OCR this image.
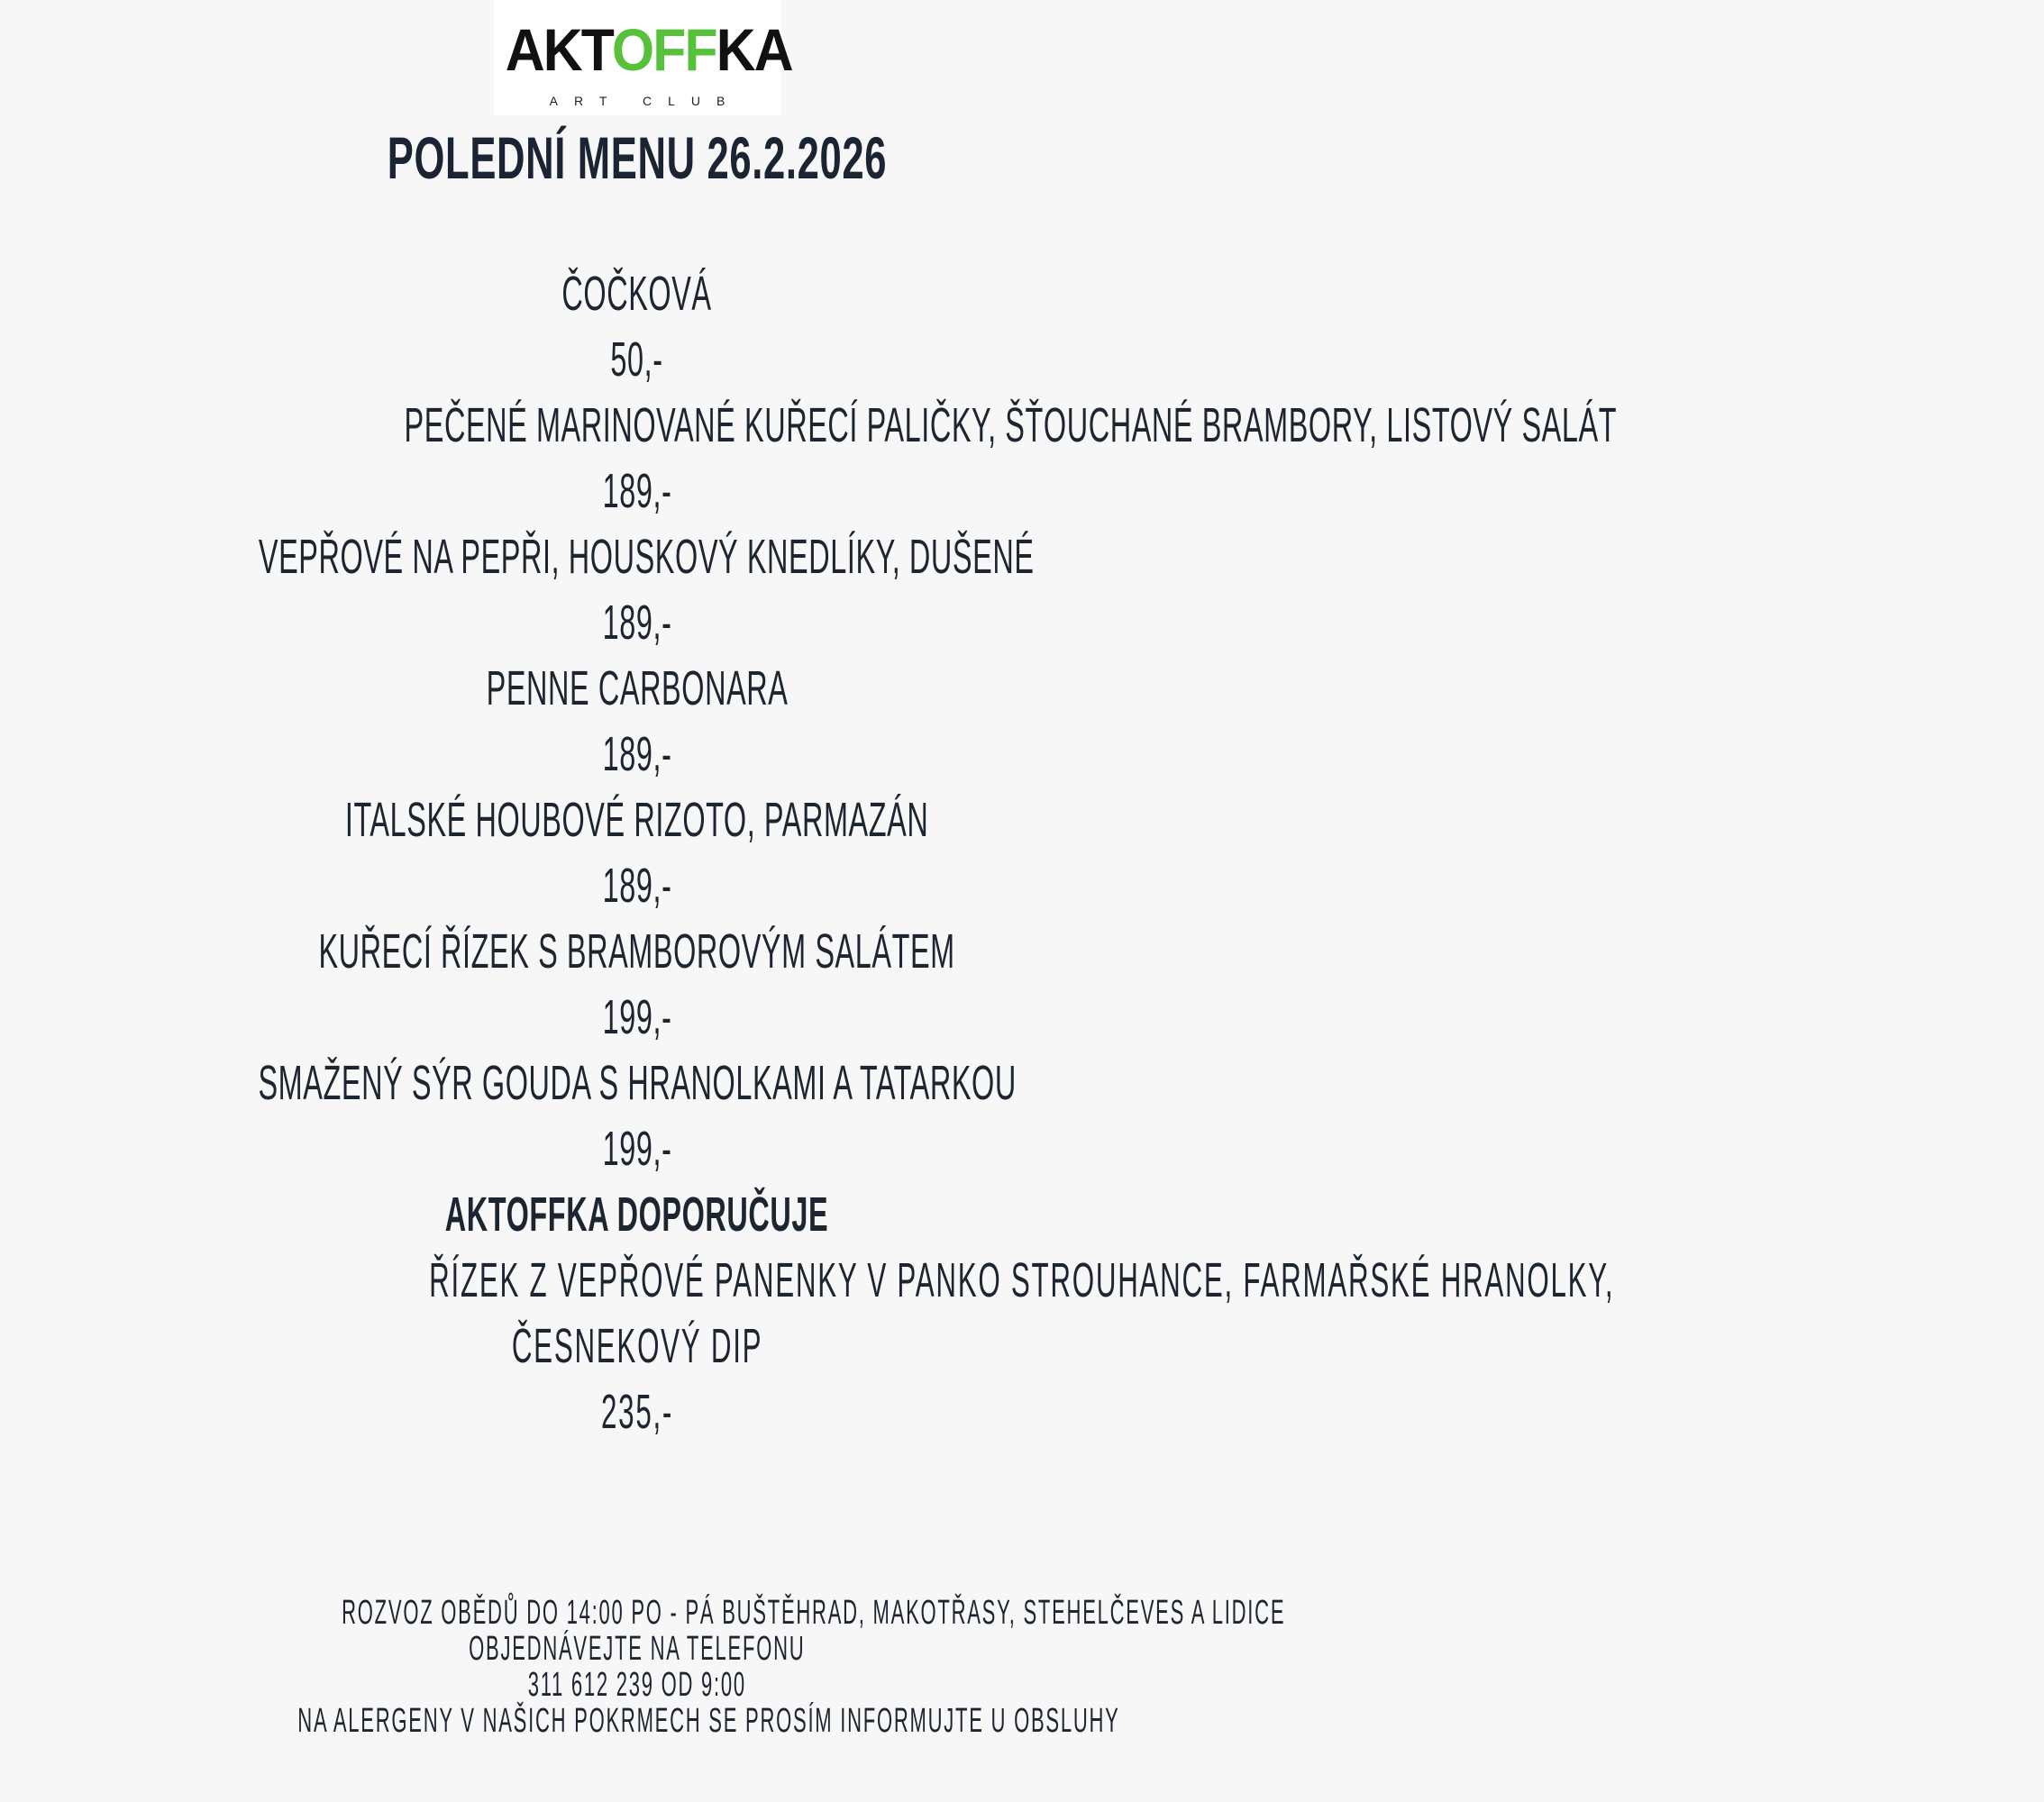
AKTOFFKA
ART CLUB
POLEDNÍ MENU 26.2.2026
ČOČKOVÁ
50,-
PEČENÉ MARINOVANÉ KUŘECÍ PALIČKY, ŠŤOUCHANÉ BRAMBORY, LISTOVÝ SALÁT
189,-
VEPŘOVÉ NA PEPŘI, HOUSKOVÝ KNEDLÍKY, DUŠENÉ
189,-
PENNE CARBONARA
189,-
ITALSKÉ HOUBOVÉ RIZOTO, PARMAZÁN
189,-
KUŘECÍ ŘÍZEK S BRAMBOROVÝM SALÁTEM
199,-
SMAŽENÝ SÝR GOUDA S HRANOLKAMI A TATARKOU
199,-
AKTOFFKA DOPORUČUJE
ŘÍZEK Z VEPŘOVÉ PANENKY V PANKO STROUHANCE, FARMAŘSKÉ HRANOLKY,
ČESNEKOVÝ DIP
235,-
ROZVOZ OBĚDŮ DO 14:00 PO - PÁ BUŠTĚHRAD, MAKOTŘASY, STEHELČEVES A LIDICE
OBJEDNÁVEJTE NA TELEFONU
311 612 239 OD 9:00
NA ALERGENY V NAŠICH POKRMECH SE PROSÍM INFORMUJTE U OBSLUHY
